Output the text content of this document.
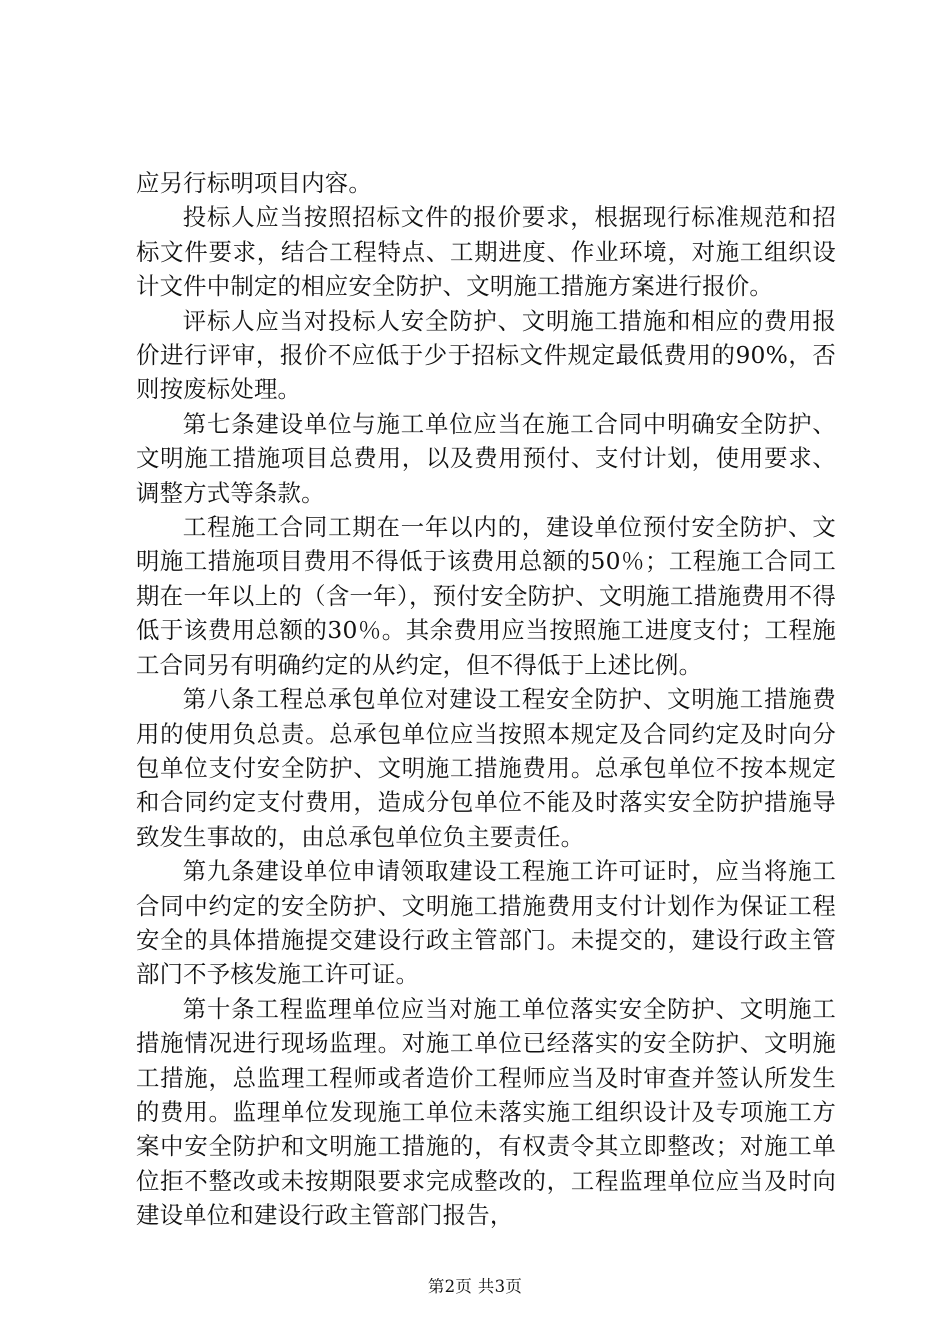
应另行标明项目内容。

投标人应当按照招标文件的报价要求，根据现行标准规范和招标文件要求，结合工程特点、工期进度、作业环境，对施工组织设计文件中制定的相应安全防护、文明施工措施方案进行报价。

评标人应当对投标人安全防护、文明施工措施和相应的费用报价进行评审，报价不应低于少于招标文件规定最低费用的90%，否则按废标处理。

第七条建设单位与施工单位应当在施工合同中明确安全防护、文明施工措施项目总费用，以及费用预付、支付计划，使用要求、调整方式等条款。

工程施工合同工期在一年以内的，建设单位预付安全防护、文明施工措施项目费用不得低于该费用总额的50％；工程施工合同工期在一年以上的（含一年），预付安全防护、文明施工措施费用不得低于该费用总额的30％。其余费用应当按照施工进度支付；工程施工合同另有明确约定的从约定，但不得低于上述比例。

第八条工程总承包单位对建设工程安全防护、文明施工措施费用的使用负总责。总承包单位应当按照本规定及合同约定及时向分包单位支付安全防护、文明施工措施费用。总承包单位不按本规定和合同约定支付费用，造成分包单位不能及时落实安全防护措施导致发生事故的，由总承包单位负主要责任。

第九条建设单位申请领取建设工程施工许可证时，应当将施工合同中约定的安全防护、文明施工措施费用支付计划作为保证工程安全的具体措施提交建设行政主管部门。未提交的，建设行政主管部门不予核发施工许可证。

第十条工程监理单位应当对施工单位落实安全防护、文明施工措施情况进行现场监理。对施工单位已经落实的安全防护、文明施工措施，总监理工程师或者造价工程师应当及时审查并签认所发生的费用。监理单位发现施工单位未落实施工组织设计及专项施工方案中安全防护和文明施工措施的，有权责令其立即整改；对施工单位拒不整改或未按期限要求完成整改的，工程监理单位应当及时向建设单位和建设行政主管部门报告，

第2页 共3页
